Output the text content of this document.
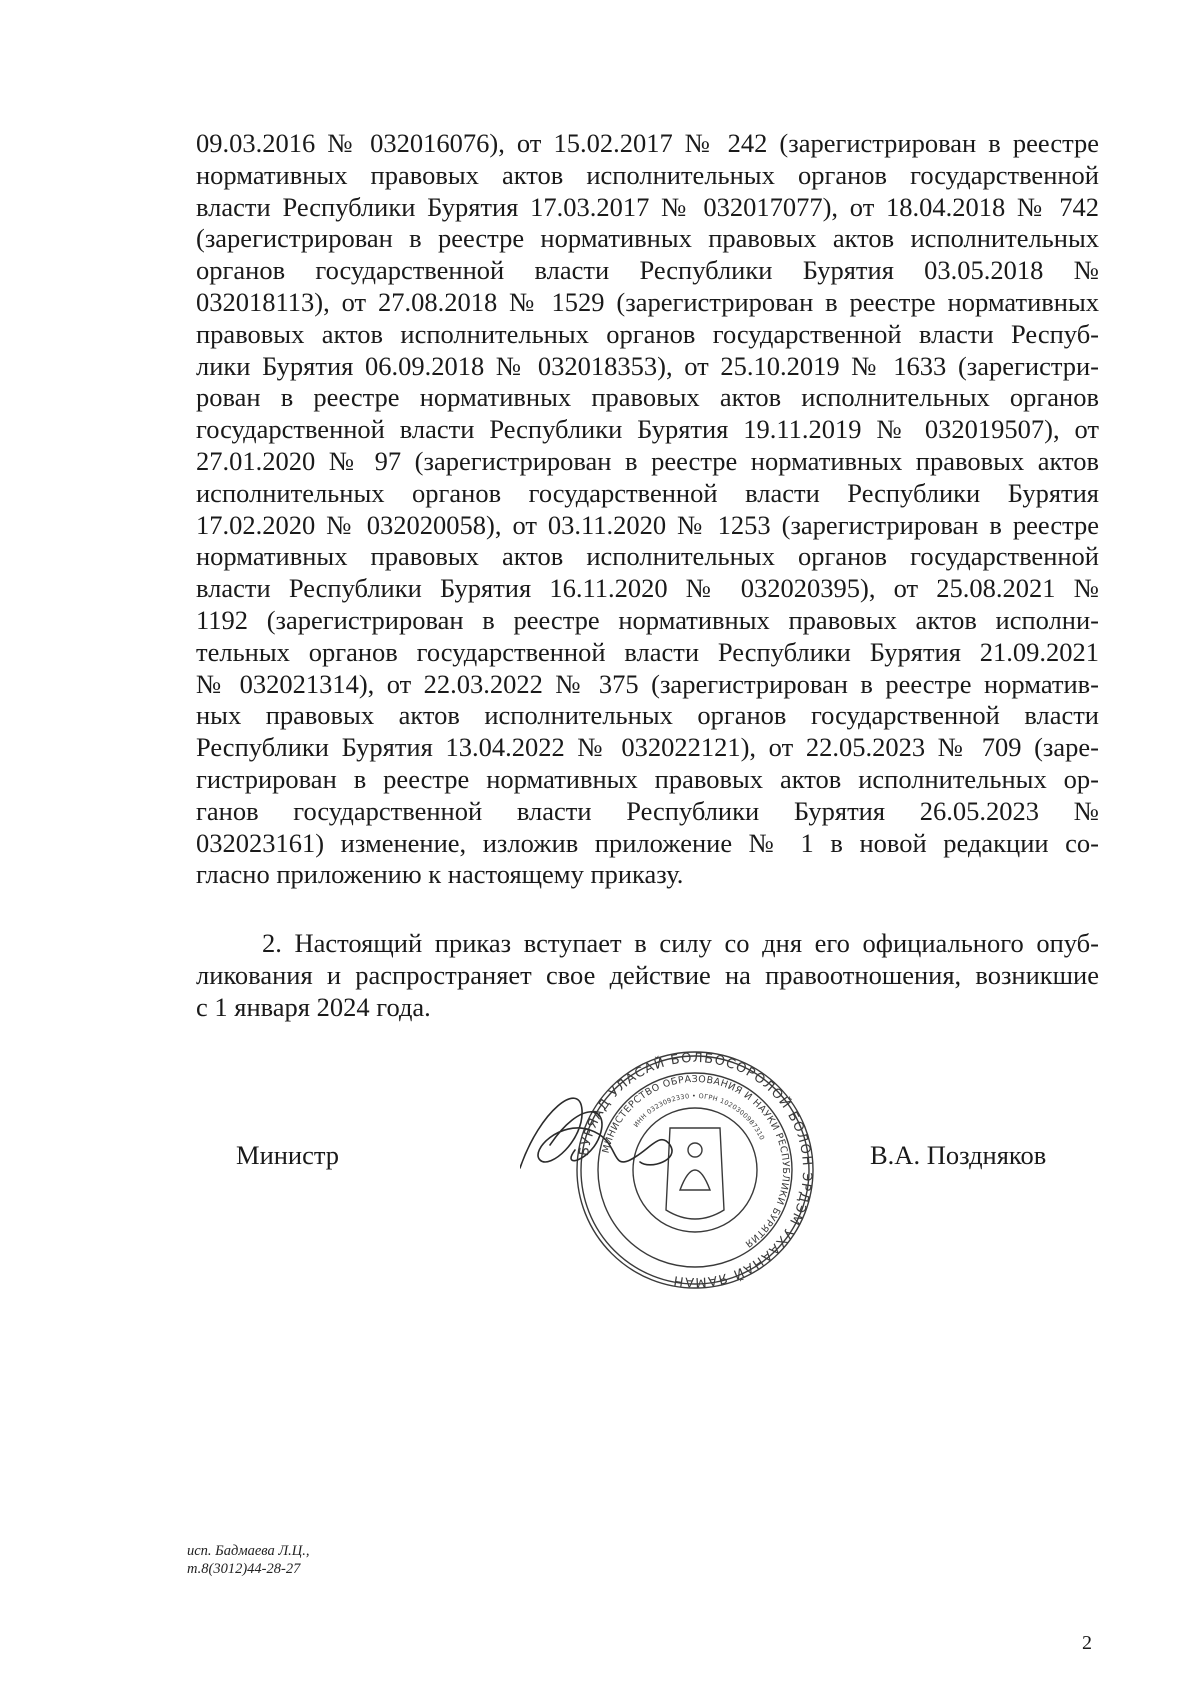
09.03.2016 № 032016076), от 15.02.2017 № 242 (зарегистрирован в реестре
нормативных правовых актов исполнительных органов государственной
власти Республики Бурятия 17.03.2017 № 032017077), от 18.04.2018 № 742
(зарегистрирован в реестре нормативных правовых актов исполнительных
органов государственной власти Республики Бурятия 03.05.2018 №
032018113), от 27.08.2018 № 1529 (зарегистрирован в реестре нормативных
правовых актов исполнительных органов государственной власти Респуб-
лики Бурятия 06.09.2018 № 032018353), от 25.10.2019 № 1633 (зарегистри-
рован в реестре нормативных правовых актов исполнительных органов
государственной власти Республики Бурятия 19.11.2019 № 032019507), от
27.01.2020 № 97 (зарегистрирован в реестре нормативных правовых актов
исполнительных органов государственной власти Республики Бурятия
17.02.2020 № 032020058), от 03.11.2020 № 1253 (зарегистрирован в реестре
нормативных правовых актов исполнительных органов государственной
власти Республики Бурятия 16.11.2020 № 032020395), от 25.08.2021 №
1192 (зарегистрирован в реестре нормативных правовых актов исполни-
тельных органов государственной власти Республики Бурятия 21.09.2021
№ 032021314), от 22.03.2022 № 375 (зарегистрирован в реестре норматив-
ных правовых актов исполнительных органов государственной власти
Республики Бурятия 13.04.2022 № 032022121), от 22.05.2023 № 709 (заре-
гистрирован в реестре нормативных правовых актов исполнительных ор-
ганов государственной власти Республики Бурятия 26.05.2023 №
032023161) изменение, изложив приложение № 1 в новой редакции со-
гласно приложению к настоящему приказу.
2. Настоящий приказ вступает в силу со дня его официального опуб-
ликования и распространяет свое действие на правоотношения, возникшие
с 1 января 2024 года.
Министр	В.А. Поздняков
БУРЯАД УЛАСАЙ БОЛБОСОРОЛОЙ БОЛОН ЭРДЭМ УХААНАЙ ЯАМАН
МИНИСТЕРСТВО ОБРАЗОВАНИЯ И НАУКИ РЕСПУБЛИКИ БУРЯТИЯ
ИНН 0323092330 • ОГРН 1020300987310
исп. Бадмаева Л.Ц.,
т.8(3012)44-28-27
2
